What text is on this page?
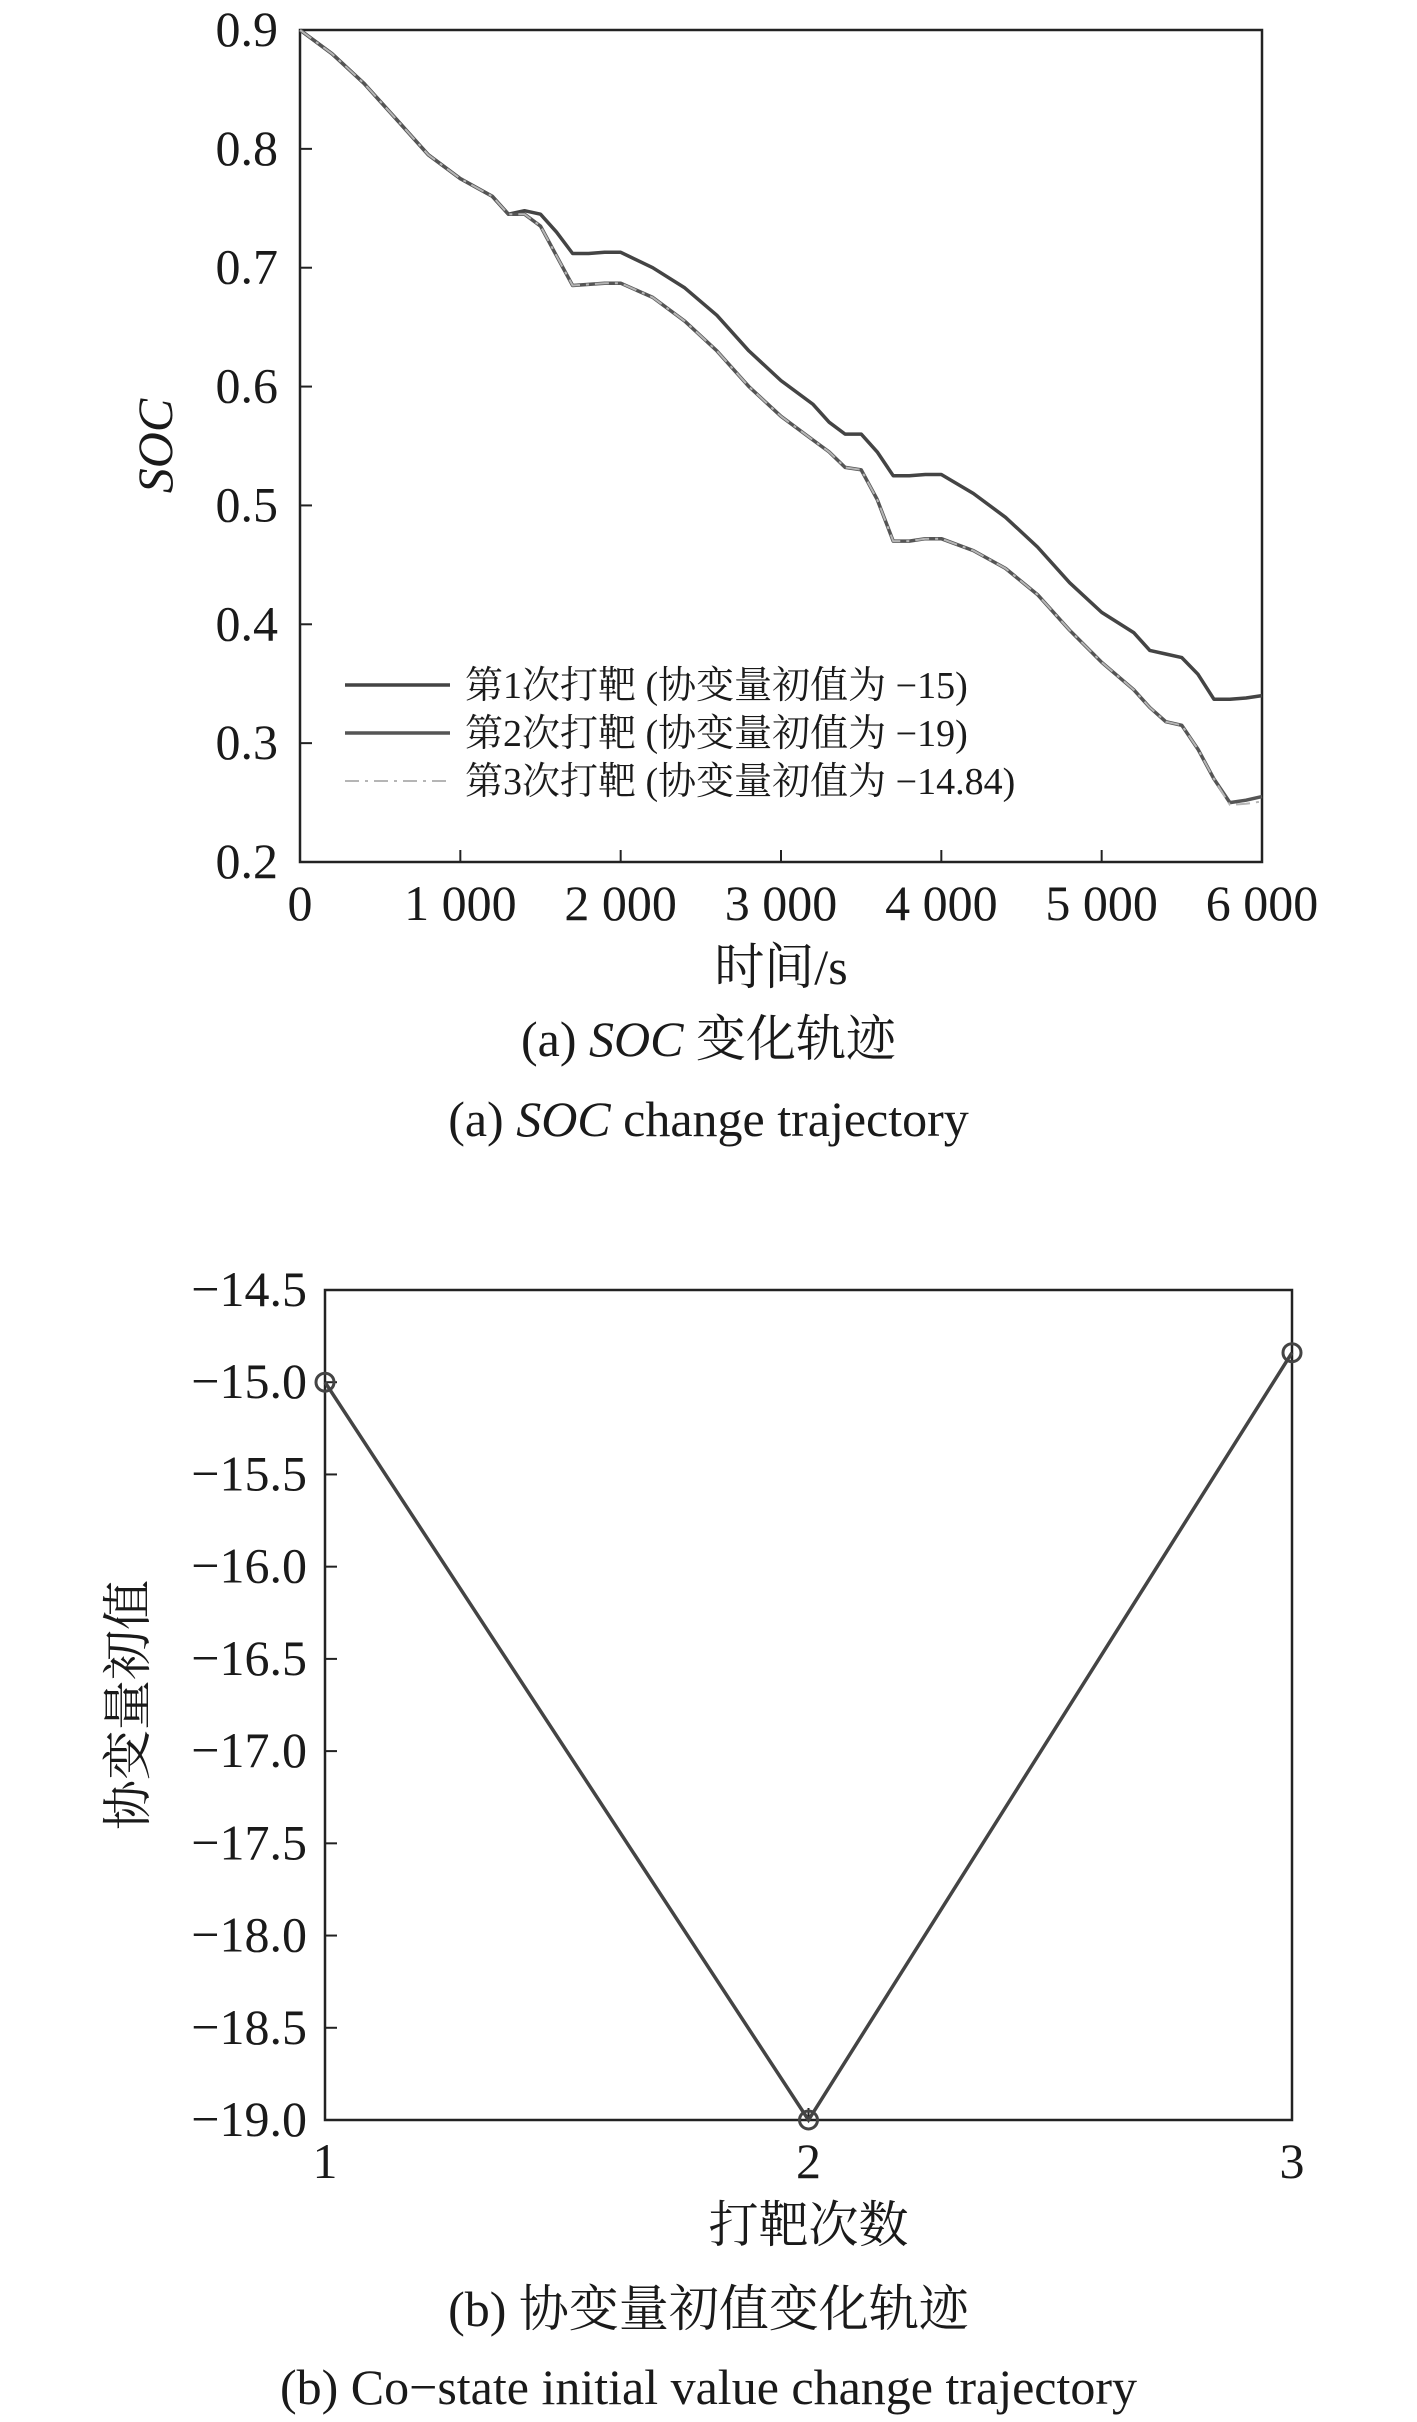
0 1 000 2 000 3 000 4 000 5 000 6 000
0.2
0.3
0.4
0.5
0.6
0.7
0.8
0.9
时间/s
SOC
第1次打靶 (协变量初值为 −15)
第2次打靶 (协变量初值为 −19)
第3次打靶 (协变量初值为 −14.84)
(a) SOC 变化轨迹
(a) SOC change trajectory
1	2	3
−14.5
−15.0
−15.5
−16.0
−16.5
−17.0
−17.5
−18.0
−18.5
−19.0
打靶次数
协变量初值
(b) 协变量初值变化轨迹
(b) Co−state initial value change trajectory
